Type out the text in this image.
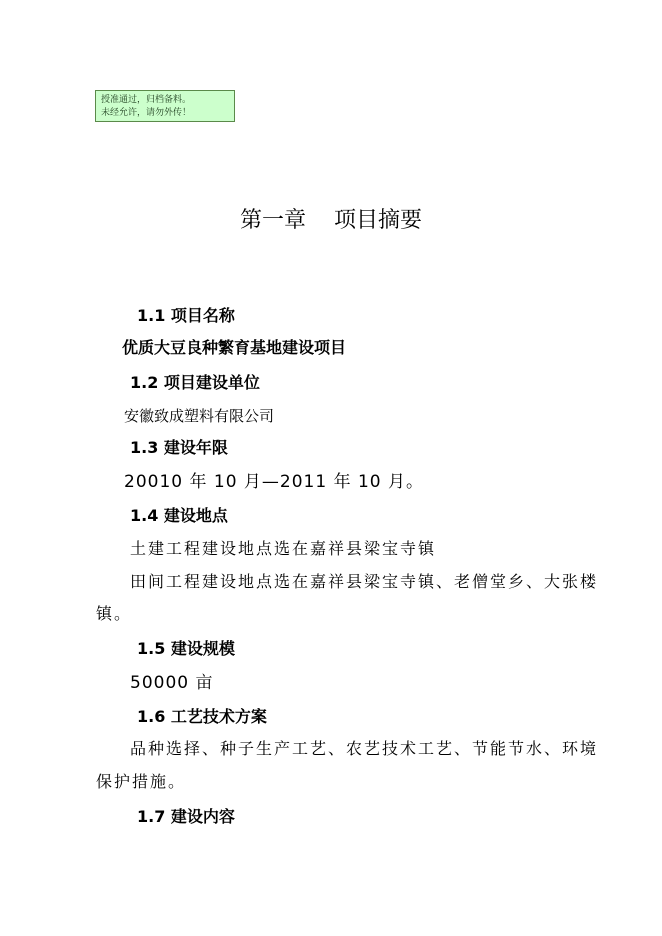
授准通过，归档备料。
未经允许，请勿外传！
第一章    项目摘要
1.1 项目名称
优质大豆良种繁育基地建设项目
1.2 项目建设单位
安徽致成塑料有限公司
1.3 建设年限
20010 年 10 月—2011 年 10 月。
1.4 建设地点
土建工程建设地点选在嘉祥县梁宝寺镇
田间工程建设地点选在嘉祥县梁宝寺镇、老僧堂乡、大张楼
镇。
1.5 建设规模
50000 亩
1.6 工艺技术方案
品种选择、种子生产工艺、农艺技术工艺、节能节水、环境
保护措施。
1.7 建设内容
